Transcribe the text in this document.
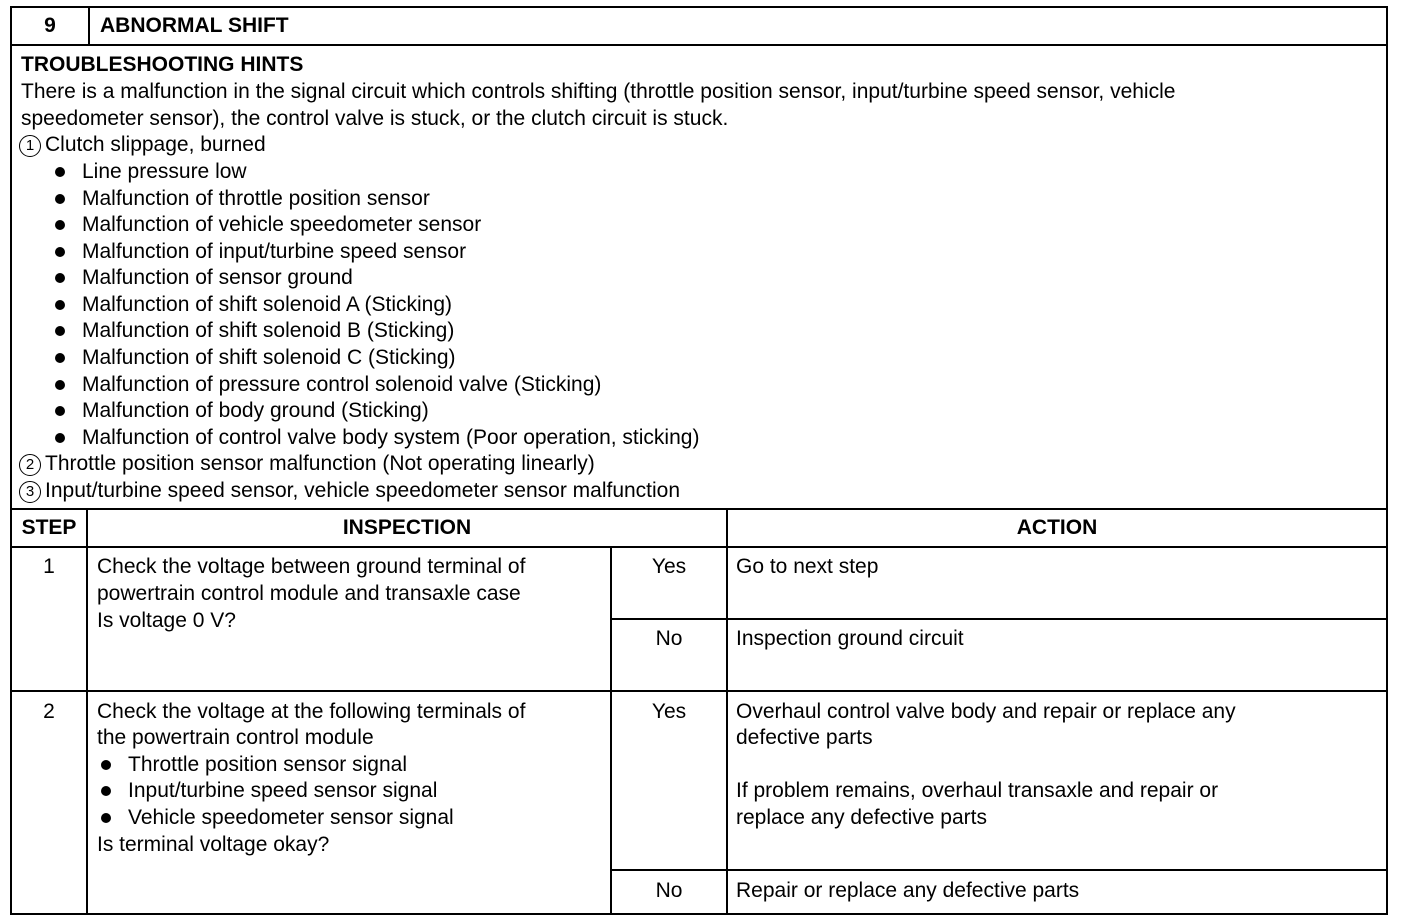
9	ABNORMAL SHIFT
TROUBLESHOOTING HINTS
There is a malfunction in the signal circuit which controls shifting (throttle position sensor, input/turbine speed sensor, vehicle
speedometer sensor), the control valve is stuck, or the clutch circuit is stuck.
1 Clutch slippage, burned
Line pressure low
Malfunction of throttle position sensor
Malfunction of vehicle speedometer sensor
Malfunction of input/turbine speed sensor
Malfunction of sensor ground
Malfunction of shift solenoid A (Sticking)
Malfunction of shift solenoid B (Sticking)
Malfunction of shift solenoid C (Sticking)
Malfunction of pressure control solenoid valve (Sticking)
Malfunction of body ground (Sticking)
Malfunction of control valve body system (Poor operation, sticking)
2 Throttle position sensor malfunction (Not operating linearly)
3 Input/turbine speed sensor, vehicle speedometer sensor malfunction
STEP	INSPECTION	ACTION
1	Check the voltage between ground terminal of
powertrain control module and transaxle case
Is voltage 0 V?
Yes	Go to next step
No	Inspection ground circuit
2	Check the voltage at the following terminals of
the powertrain control module
Throttle position sensor signal
Input/turbine speed sensor signal
Vehicle speedometer sensor signal
Is terminal voltage okay?
Yes	Overhaul control valve body and repair or replace any
defective parts
If problem remains, overhaul transaxle and repair or
replace any defective parts
No	Repair or replace any defective parts
